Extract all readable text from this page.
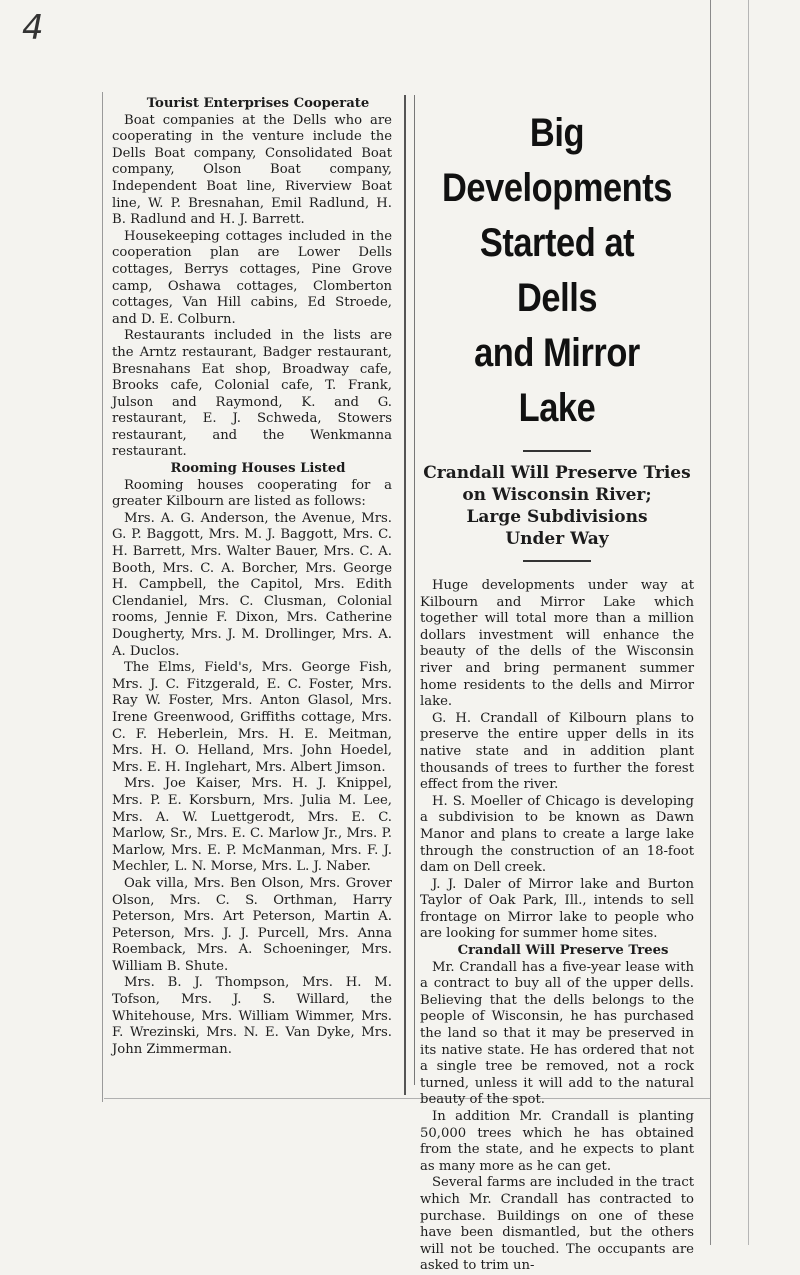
4

Tourist Enterprises Cooperate

Boat companies at the Dells who are cooperating in the venture include the Dells Boat company, Consolidated Boat company, Olson Boat company, Independent Boat line, Riverview Boat line, W. P. Bresnahan, Emil Radlund, H. B. Radlund and H. J. Barrett.

Housekeeping cottages included in the cooperation plan are Lower Dells cottages, Berrys cottages, Pine Grove camp, Oshawa cottages, Clomberton cottages, Van Hill cabins, Ed Stroede, and D. E. Colburn.

Restaurants included in the lists are the Arntz restaurant, Badger restaurant, Bresnahans Eat shop, Broadway cafe, Brooks cafe, Colonial cafe, T. Frank, Julson and Raymond, K. and G. restaurant, E. J. Schweda, Stowers restaurant, and the Wenkmanna restaurant.

Rooming Houses Listed

Rooming houses cooperating for a greater Kilbourn are listed as follows:

Mrs. A. G. Anderson, the Avenue, Mrs. G. P. Baggott, Mrs. M. J. Baggott, Mrs. C. H. Barrett, Mrs. Walter Bauer, Mrs. C. A. Booth, Mrs. C. A. Borcher, Mrs. George H. Campbell, the Capitol, Mrs. Edith Clendaniel, Mrs. C. Clusman, Colonial rooms, Jennie F. Dixon, Mrs. Catherine Dougherty, Mrs. J. M. Drollinger, Mrs. A. A. Duclos.

The Elms, Field's, Mrs. George Fish, Mrs. J. C. Fitzgerald, E. C. Foster, Mrs. Ray W. Foster, Mrs. Anton Glasol, Mrs. Irene Greenwood, Griffiths cottage, Mrs. C. F. Heberlein, Mrs. H. E. Meitman, Mrs. H. O. Helland, Mrs. John Hoedel, Mrs. E. H. Inglehart, Mrs. Albert Jimson.

Mrs. Joe Kaiser, Mrs. H. J. Knippel, Mrs. P. E. Korsburn, Mrs. Julia M. Lee, Mrs. A. W. Luettgerodt, Mrs. E. C. Marlow, Sr., Mrs. E. C. Marlow Jr., Mrs. P. Marlow, Mrs. E. P. McManman, Mrs. F. J. Mechler, L. N. Morse, Mrs. L. J. Naber.

Oak villa, Mrs. Ben Olson, Mrs. Grover Olson, Mrs. C. S. Orthman, Harry Peterson, Mrs. Art Peterson, Martin A. Peterson, Mrs. J. J. Purcell, Mrs. Anna Roemback, Mrs. A. Schoeninger, Mrs. William B. Shute.

Mrs. B. J. Thompson, Mrs. H. M. Tofson, Mrs. J. S. Willard, the Whitehouse, Mrs. William Wimmer, Mrs. F. Wrezinski, Mrs. N. E. Van Dyke, Mrs. John Zimmerman.

Big Developments
Started at Dells
and Mirror Lake
Crandall Will Preserve Tries
on Wisconsin River;
Large Subdivisions
Under Way

Huge developments under way at Kilbourn and Mirror Lake which together will total more than a million dollars investment will enhance the beauty of the dells of the Wisconsin river and bring permanent summer home residents to the dells and Mirror lake.

G. H. Crandall of Kilbourn plans to preserve the entire upper dells in its native state and in addition plant thousands of trees to further the forest effect from the river.

H. S. Moeller of Chicago is developing a subdivision to be known as Dawn Manor and plans to create a large lake through the construction of an 18-foot dam on Dell creek.

J. J. Daler of Mirror lake and Burton Taylor of Oak Park, Ill., intends to sell frontage on Mirror lake to people who are looking for summer home sites.

Crandall Will Preserve Trees

Mr. Crandall has a five-year lease with a contract to buy all of the upper dells. Believing that the dells belongs to the people of Wisconsin, he has purchased the land so that it may be preserved in its native state. He has ordered that not a single tree be removed, not a rock turned, unless it will add to the natural beauty of the spot.

In addition Mr. Crandall is planting 50,000 trees which he has obtained from the state, and he expects to plant as many more as he can get.

Several farms are included in the tract which Mr. Crandall has contracted to purchase. Buildings on one of these have been dismantled, but the others will not be touched. The occupants are asked to trim un-
